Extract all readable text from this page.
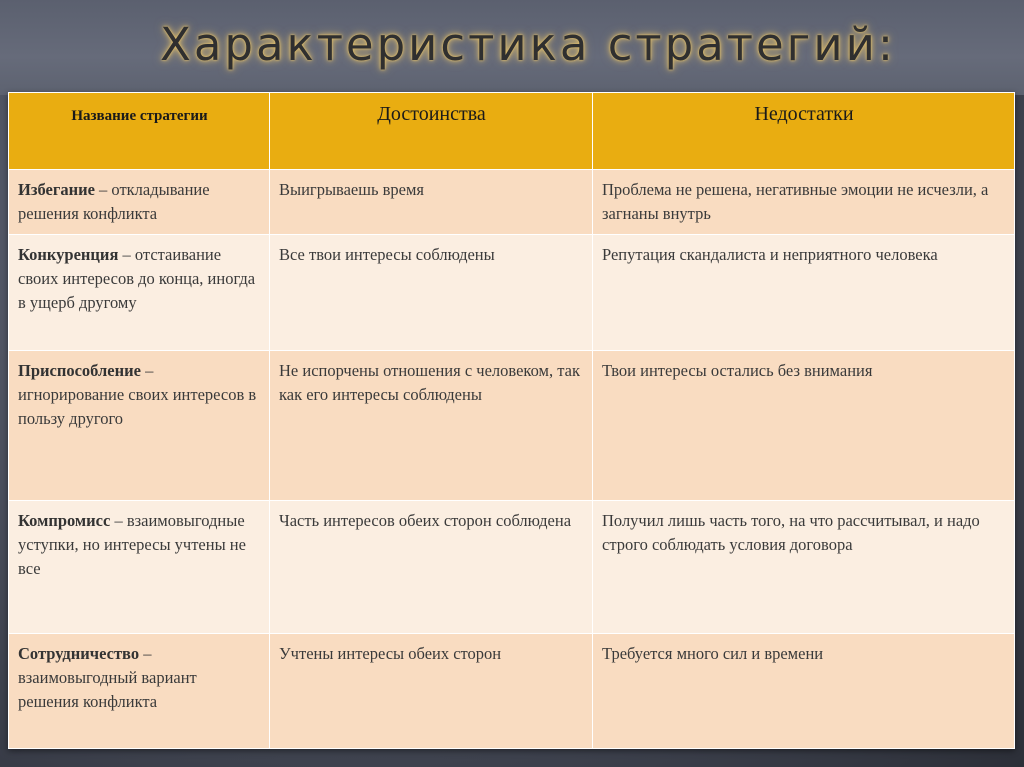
Характеристика стратегий:
Название стратегии	Достоинства	Недостатки
Избегание – откладывание решения конфликта	Выигрываешь время	Проблема не решена, негативные эмоции не исчезли, а загнаны внутрь
Конкуренция – отстаивание своих интересов до конца, иногда в ущерб другому	Все твои интересы соблюдены	Репутация скандалиста и неприятного человека
Приспособление – игнорирование своих интересов в пользу другого	Не испорчены отношения с человеком, так как его интересы соблюдены	Твои интересы остались без внимания
Компромисс – взаимовыгодные уступки, но интересы учтены не все	Часть интересов обеих сторон соблюдена	Получил лишь часть того, на что рассчитывал, и надо строго соблюдать условия договора
Сотрудничество – взаимовыгодный вариант решения конфликта	Учтены интересы обеих сторон	Требуется много сил и времени
